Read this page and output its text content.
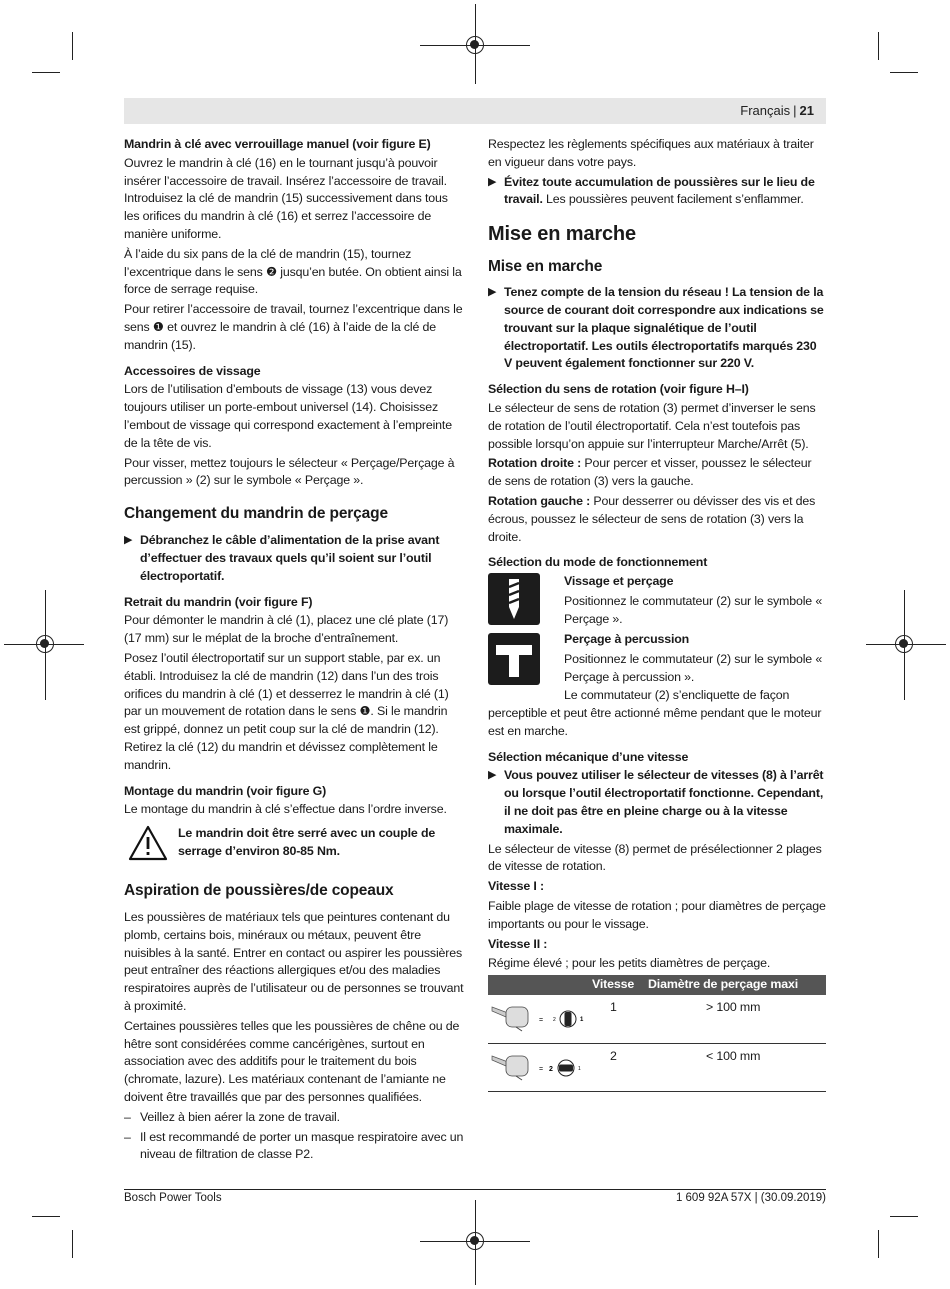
Français | 21

Mandrin à clé avec verrouillage manuel (voir figure E)

Ouvrez le mandrin à clé (16) en le tournant jusqu’à pouvoir insérer l’accessoire de travail. Insérez l’accessoire de travail. Introduisez la clé de mandrin (15) successivement dans tous les orifices du mandrin à clé (16) et serrez l’accessoire de manière uniforme.

À l’aide du six pans de la clé de mandrin (15), tournez l’excentrique dans le sens ❷ jusqu’en butée. On obtient ainsi la force de serrage requise.

Pour retirer l’accessoire de travail, tournez l’excentrique dans le sens ❶ et ouvrez le mandrin à clé (16) à l’aide de la clé de mandrin (15).

Accessoires de vissage

Lors de l’utilisation d’embouts de vissage (13) vous devez toujours utiliser un porte-embout universel (14). Choisissez l’embout de vissage qui correspond exactement à l’empreinte de la tête de vis.

Pour visser, mettez toujours le sélecteur « Perçage/Perçage à percussion » (2) sur le symbole « Perçage ».

Changement du mandrin de perçage

▶ Débranchez le câble d’alimentation de la prise avant d’effectuer des travaux quels qu’il soient sur l’outil électroportatif.

Retrait du mandrin (voir figure F)

Pour démonter le mandrin à clé (1), placez une clé plate (17) (17 mm) sur le méplat de la broche d’entraînement.

Posez l’outil électroportatif sur un support stable, par ex. un établi. Introduisez la clé de mandrin (12) dans l’un des trois orifices du mandrin à clé (1) et desserrez le mandrin à clé (1) par un mouvement de rotation dans le sens ❶. Si le mandrin est grippé, donnez un petit coup sur la clé de mandrin (12). Retirez la clé (12) du mandrin et dévissez complètement le mandrin.

Montage du mandrin (voir figure G)

Le montage du mandrin à clé s’effectue dans l’ordre inverse.

Le mandrin doit être serré avec un couple de serrage d’environ 80-85 Nm.

Aspiration de poussières/de copeaux

Les poussières de matériaux tels que peintures contenant du plomb, certains bois, minéraux ou métaux, peuvent être nuisibles à la santé. Entrer en contact ou aspirer les poussières peut entraîner des réactions allergiques et/ou des maladies respiratoires auprès de l’utilisateur ou de personnes se trouvant à proximité.

Certaines poussières telles que les poussières de chêne ou de hêtre sont considérées comme cancérigènes, surtout en association avec des additifs pour le traitement du bois (chromate, lazure). Les matériaux contenant de l’amiante ne doivent être travaillés que par des personnes qualifiées.

– Veillez à bien aérer la zone de travail.
– Il est recommandé de porter un masque respiratoire avec un niveau de filtration de classe P2.

Respectez les règlements spécifiques aux matériaux à traiter en vigueur dans votre pays.

▶ Évitez toute accumulation de poussières sur le lieu de travail. Les poussières peuvent facilement s’enflammer.

Mise en marche

Mise en marche

▶ Tenez compte de la tension du réseau ! La tension de la source de courant doit correspondre aux indications se trouvant sur la plaque signalétique de l’outil électroportatif. Les outils électroportatifs marqués 230 V peuvent également fonctionner sur 220 V.

Sélection du sens de rotation (voir figure H–I)

Le sélecteur de sens de rotation (3) permet d’inverser le sens de rotation de l’outil électroportatif. Cela n’est toutefois pas possible lorsqu’on appuie sur l’interrupteur Marche/Arrêt (5).

Rotation droite : Pour percer et visser, poussez le sélecteur de sens de rotation (3) vers la gauche.

Rotation gauche : Pour desserrer ou dévisser des vis et des écrous, poussez le sélecteur de sens de rotation (3) vers la droite.

Sélection du mode de fonctionnement

Vissage et perçage

Positionnez le commutateur (2) sur le symbole « Perçage ».

Perçage à percussion

Positionnez le commutateur (2) sur le symbole « Perçage à percussion ».

Le commutateur (2) s’encliquette de façon perceptible et peut être actionné même pendant que le moteur est en marche.

Sélection mécanique d’une vitesse

▶ Vous pouvez utiliser le sélecteur de vitesses (8) à l’arrêt ou lorsque l’outil électroportatif fonctionne. Cependant, il ne doit pas être en pleine charge ou à la vitesse maximale.

Le sélecteur de vitesse (8) permet de présélectionner 2 plages de vitesse de rotation.

Vitesse I :

Faible plage de vitesse de rotation ; pour diamètres de perçage importants ou pour le vissage.

Vitesse II :

Régime élevé ; pour les petits diamètres de perçage.

	Vitesse	Diamètre de perçage maxi

= 2 1	1	> 100 mm

= 2 1	2	< 100 mm
Bosch Power Tools	1 609 92A 57X | (30.09.2019)
